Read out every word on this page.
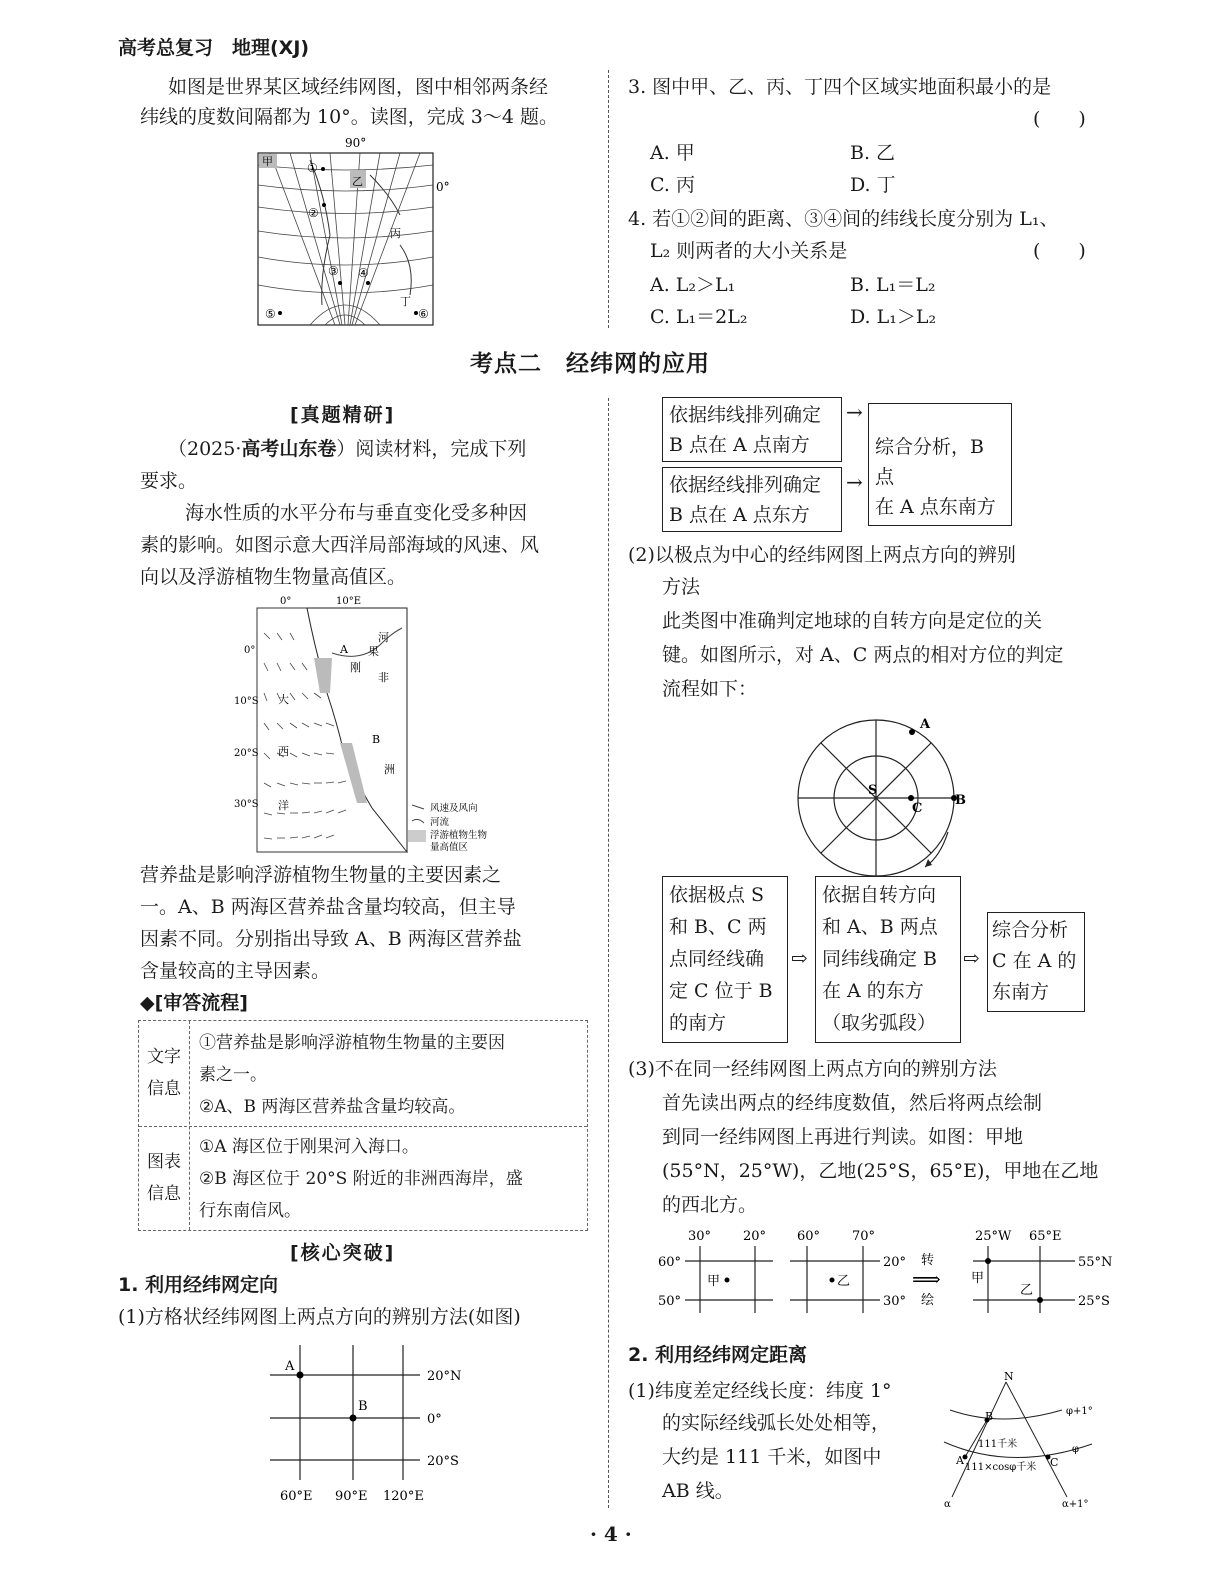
高考总复习　地理(XJ)
如图是世界某区域经纬网图，图中相邻两条经
纬线的度数间隔都为 10°。读图，完成 3～4 题。
90°
0°
甲
乙
丙
丁
①
②
③ ④
⑤	⑥
3. 图中甲、乙、丙、丁四个区域实地面积最小的是
(　　)
A. 甲	B. 乙
C. 丙	D. 丁
4. 若①②间的距离、③④间的纬线长度分别为 L₁、
L₂ 则两者的大小关系是	(　　)
A. L₂＞L₁	B. L₁＝L₂
C. L₁＝2L₂	D. L₁＞L₂
考点二　经纬网的应用
[真题精研]
（2025·高考山东卷）阅读材料，完成下列
要求。
海水性质的水平分布与垂直变化受多种因
素的影响。如图示意大西洋局部海域的风速、风
向以及浮游植物生物量高值区。
0°	10°E
0°
10°S
20°S
30°S
A
刚
果
河
非
大
西
洋
B
洲
风速及风向
河流
浮游植物生物
量高值区
营养盐是影响浮游植物生物量的主要因素之
一。A、B 两海区营养盐含量均较高，但主导
因素不同。分别指出导致 A、B 两海区营养盐
含量较高的主导因素。
◆[审答流程]
文字
信息
①营养盐是影响浮游植物生物量的主要因
素之一。
②A、B 两海区营养盐含量均较高。
图表
信息
①A 海区位于刚果河入海口。
②B 海区位于 20°S 附近的非洲西海岸，盛
行东南信风。
[核心突破]
1. 利用经纬网定向
(1)方格状经纬网图上两点方向的辨别方法(如图)
A
B
20°N
0°
20°S
60°E 90°E 120°E
依据纬线排列确定
B 点在 A 点南方
依据经线排列确定
B 点在 A 点东方
→
→
综合分析，B 点
在 A 点东南方
(2)以极点为中心的经纬网图上两点方向的辨别
方法
此类图中准确判定地球的自转方向是定位的关
键。如图所示，对 A、C 两点的相对方位的判定
流程如下：
A
S
B
C
依据极点 S
和 B、C 两
点同经线确
定 C 位于 B
的南方
⇨
依据自转方向
和 A、B 两点
同纬线确定 B
在 A 的东方
（取劣弧段）
⇨
综合分析
C 在 A 的
东南方
(3)不在同一经纬网图上两点方向的辨别方法
首先读出两点的经纬度数值，然后将两点绘制
到同一经纬网图上再进行判读。如图：甲地
(55°N，25°W)，乙地(25°S，65°E)，甲地在乙地
的西北方。
30° 20°
60°
50°
甲
60° 70°
20°
30°
乙
转
绘
⟹
25°W 65°E
55°N
25°S
甲
乙
2. 利用经纬网定距离
(1)纬度差定经线长度：纬度 1°
的实际经线弧长处处相等，
大约是 111 千米，如图中
AB 线。
N
B
A	C
111千米
111×cosφ千米
φ+1°
φ
α	α+1°
· 4 ·
